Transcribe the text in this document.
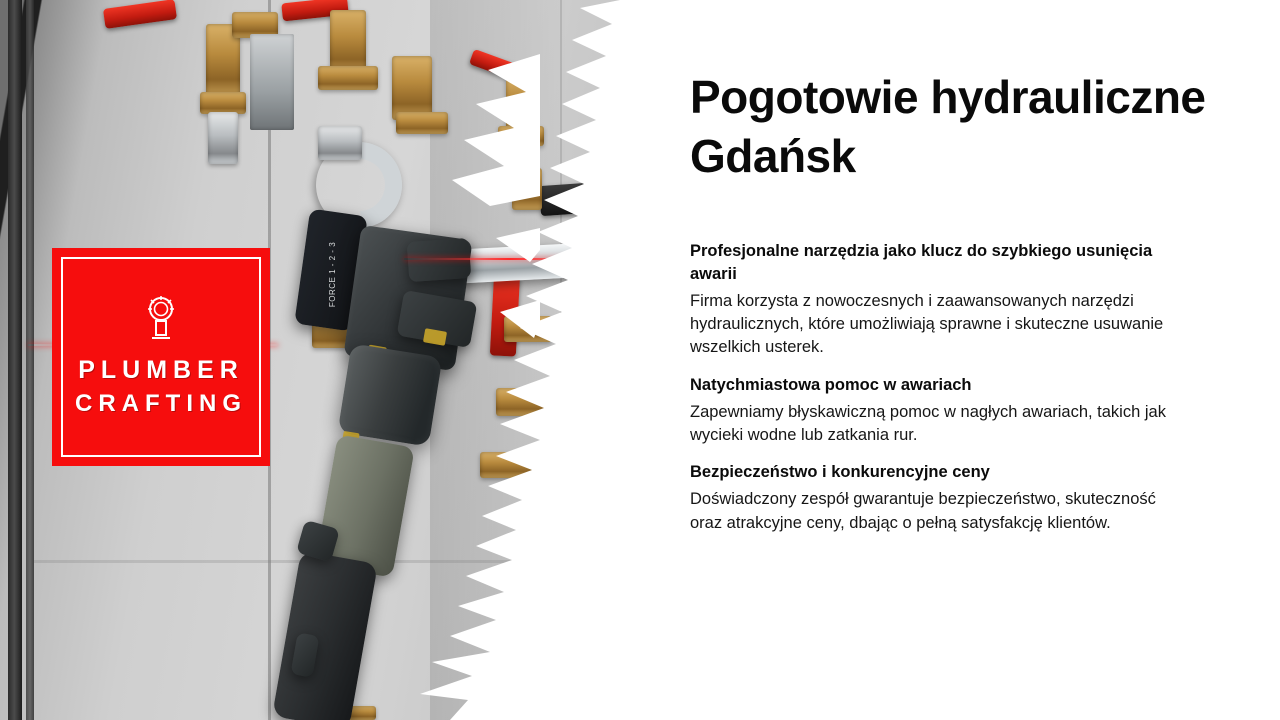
FORCE 1 - 2 - 3
PLUMBER
CRAFTING
Pogotowie hydrauliczne Gdańsk
Profesjonalne narzędzia jako klucz do szybkiego usunięcia awarii

Firma korzysta z nowoczesnych i zaawansowanych narzędzi hydraulicznych, które umożliwiają sprawne i skuteczne usuwanie wszelkich usterek.

Natychmiastowa pomoc w awariach

Zapewniamy błyskawiczną pomoc w nagłych awariach, takich jak wycieki wodne lub zatkania rur.

Bezpieczeństwo i konkurencyjne ceny

Doświadczony zespół gwarantuje bezpieczeństwo, skuteczność oraz atrakcyjne ceny, dbając o pełną satysfakcję klientów.
